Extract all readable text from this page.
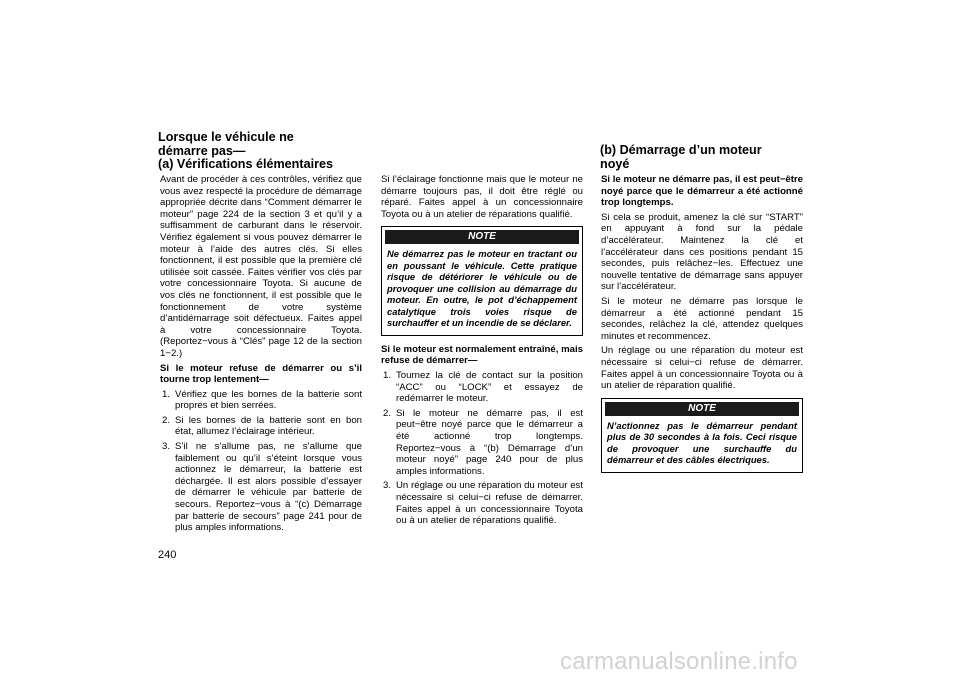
Lorsque le véhicule ne
démarre pas—
(a) Vérifications élémentaires

Avant de procéder à ces contrôles, vérifiez que vous avez respecté la procédure de démarrage appropriée décrite dans “Comment démarrer le moteur” page 224 de la section 3 et qu’il y a suffisamment de carburant dans le réservoir. Vérifiez également si vous pouvez démarrer le moteur à l’aide des autres clés. Si elles fonctionnent, il est possible que la première clé utilisée soit cassée. Faites vérifier vos clés par votre concessionnaire Toyota. Si aucune de vos clés ne fonctionnent, il est possible que le fonctionnement de votre système d’antidémarrage soit défectueux. Faites appel à votre concessionnaire Toyota. (Reportez−vous à “Clés” page 12 de la section 1−2.)

Si le moteur refuse de démarrer ou s’il tourne trop lentement—

1. Vérifiez que les bornes de la batterie sont propres et bien serrées.
2. Si les bornes de la batterie sont en bon état, allumez l’éclairage intérieur.
3. S’il ne s’allume pas, ne s’allume que faiblement ou qu’il s’éteint lorsque vous actionnez le démarreur, la batterie est déchargée. Il est alors possible d’essayer de démarrer le véhicule par batterie de secours. Reportez−vous à “(c) Démarrage par batterie de secours” page 241 pour de plus amples informations.

Si l’éclairage fonctionne mais que le moteur ne démarre toujours pas, il doit être réglé ou réparé. Faites appel à un concessionnaire Toyota ou à un atelier de réparations qualifié.

NOTE
Ne démarrez pas le moteur en tractant ou en poussant le véhicule. Cette pratique risque de détériorer le véhicule ou de provoquer une collision au démarrage du moteur. En outre, le pot d’échappement catalytique trois voies risque de surchauffer et un incendie de se déclarer.

Si le moteur est normalement entraîné, mais refuse de démarrer—

1. Tournez la clé de contact sur la position “ACC” ou “LOCK” et essayez de redémarrer le moteur.
2. Si le moteur ne démarre pas, il est peut−être noyé parce que le démarreur a été actionné trop longtemps. Reportez−vous à “(b) Démarrage d’un moteur noyé” page 240 pour de plus amples informations.
3. Un réglage ou une réparation du moteur est nécessaire si celui−ci refuse de démarrer. Faites appel à un concessionnaire Toyota ou à un atelier de réparations qualifié.
(b) Démarrage d’un moteur
noyé

Si le moteur ne démarre pas, il est peut−être noyé parce que le démarreur a été actionné trop longtemps.

Si cela se produit, amenez la clé sur “START” en appuyant à fond sur la pédale d’accélérateur. Maintenez la clé et l’accélérateur dans ces positions pendant 15 secondes, puis relâchez−les. Effectuez une nouvelle tentative de démarrage sans appuyer sur l’accélérateur.

Si le moteur ne démarre pas lorsque le démarreur a été actionné pendant 15 secondes, relâchez la clé, attendez quelques minutes et recommencez.

Un réglage ou une réparation du moteur est nécessaire si celui−ci refuse de démarrer. Faites appel à un concessionnaire Toyota ou à un atelier de réparation qualifié.

NOTE
N’actionnez pas le démarreur pendant plus de 30 secondes à la fois. Ceci risque de provoquer une surchauffe du démarreur et des câbles électriques.
240
carmanualsonline.info
